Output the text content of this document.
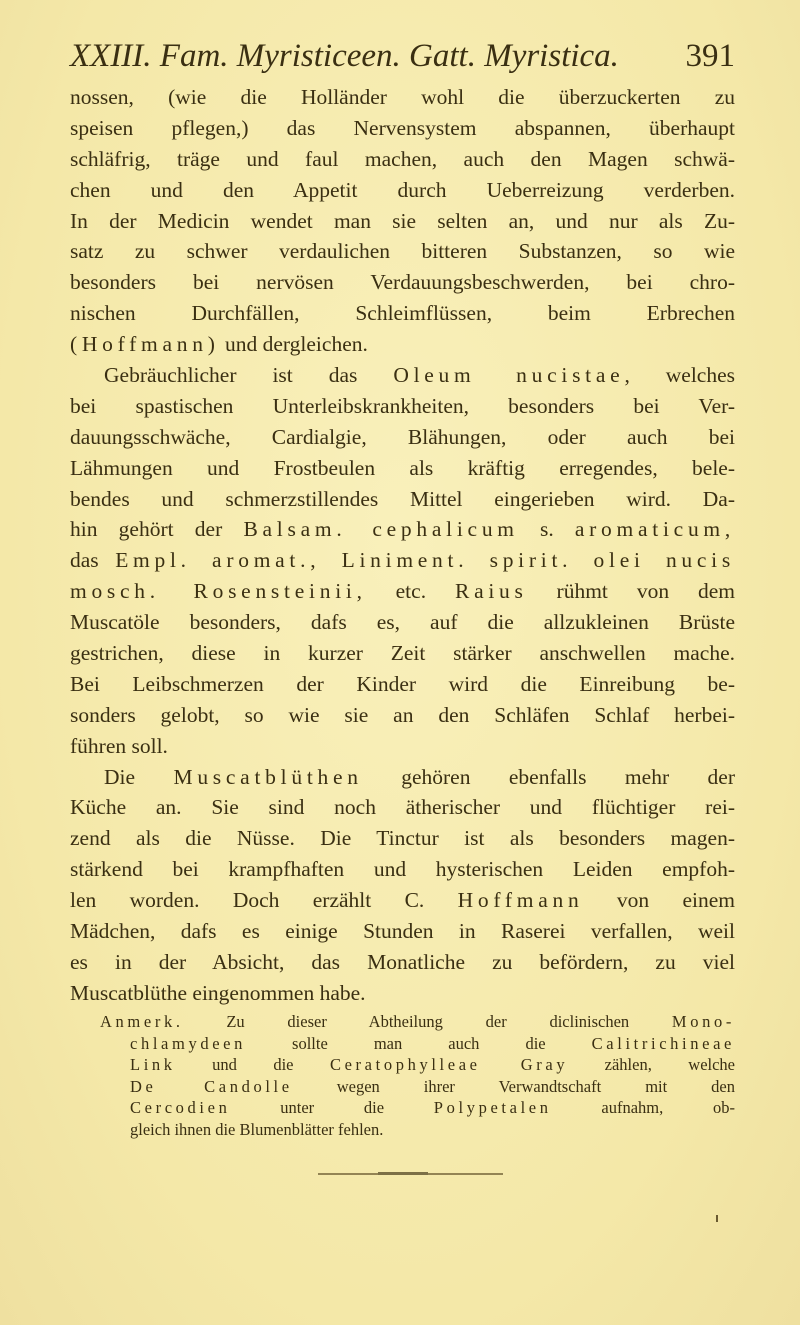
XXIII. Fam. Myristiceen. Gatt. Myristica. 391
nossen, (wie die Holländer wohl die überzuckerten zu
speisen pflegen,) das Nervensystem abspannen, überhaupt
schläfrig, träge und faul machen, auch den Magen schwä-
chen und den Appetit durch Ueberreizung verderben.
In der Medicin wendet man sie selten an, und nur als Zu-
satz zu schwer verdaulichen bitteren Substanzen, so wie
besonders bei nervösen Verdauungsbeschwerden, bei chro-
nischen Durchfällen, Schleimflüssen, beim Erbrechen
(Hoffmann) und dergleichen.
Gebräuchlicher ist das Oleum nucistae, welches
bei spastischen Unterleibskrankheiten, besonders bei Ver-
dauungsschwäche, Cardialgie, Blähungen, oder auch bei
Lähmungen und Frostbeulen als kräftig erregendes, bele-
bendes und schmerzstillendes Mittel eingerieben wird. Da-
hin gehört der Balsam. cephalicum s. aromaticum,
das Empl. aromat., Liniment. spirit. olei nucis
mosch. Rosensteinii, etc. Raius rühmt von dem
Muscatöle besonders, dafs es, auf die allzukleinen Brüste
gestrichen, diese in kurzer Zeit stärker anschwellen mache.
Bei Leibschmerzen der Kinder wird die Einreibung be-
sonders gelobt, so wie sie an den Schläfen Schlaf herbei-
führen soll.
Die Muscatblüthen gehören ebenfalls mehr der
Küche an. Sie sind noch ätherischer und flüchtiger rei-
zend als die Nüsse. Die Tinctur ist als besonders magen-
stärkend bei krampfhaften und hysterischen Leiden empfoh-
len worden. Doch erzählt C. Hoffmann von einem
Mädchen, dafs es einige Stunden in Raserei verfallen, weil
es in der Absicht, das Monatliche zu befördern, zu viel
Muscatblüthe eingenommen habe.
Anmerk. Zu dieser Abtheilung der diclinischen Mono-
chlamydeen sollte man auch die Calitrichineae
Link und die Ceratophylleae Gray zählen, welche
De Candolle wegen ihrer Verwandtschaft mit den
Cercodien unter die Polypetalen aufnahm, ob-
gleich ihnen die Blumenblätter fehlen.
